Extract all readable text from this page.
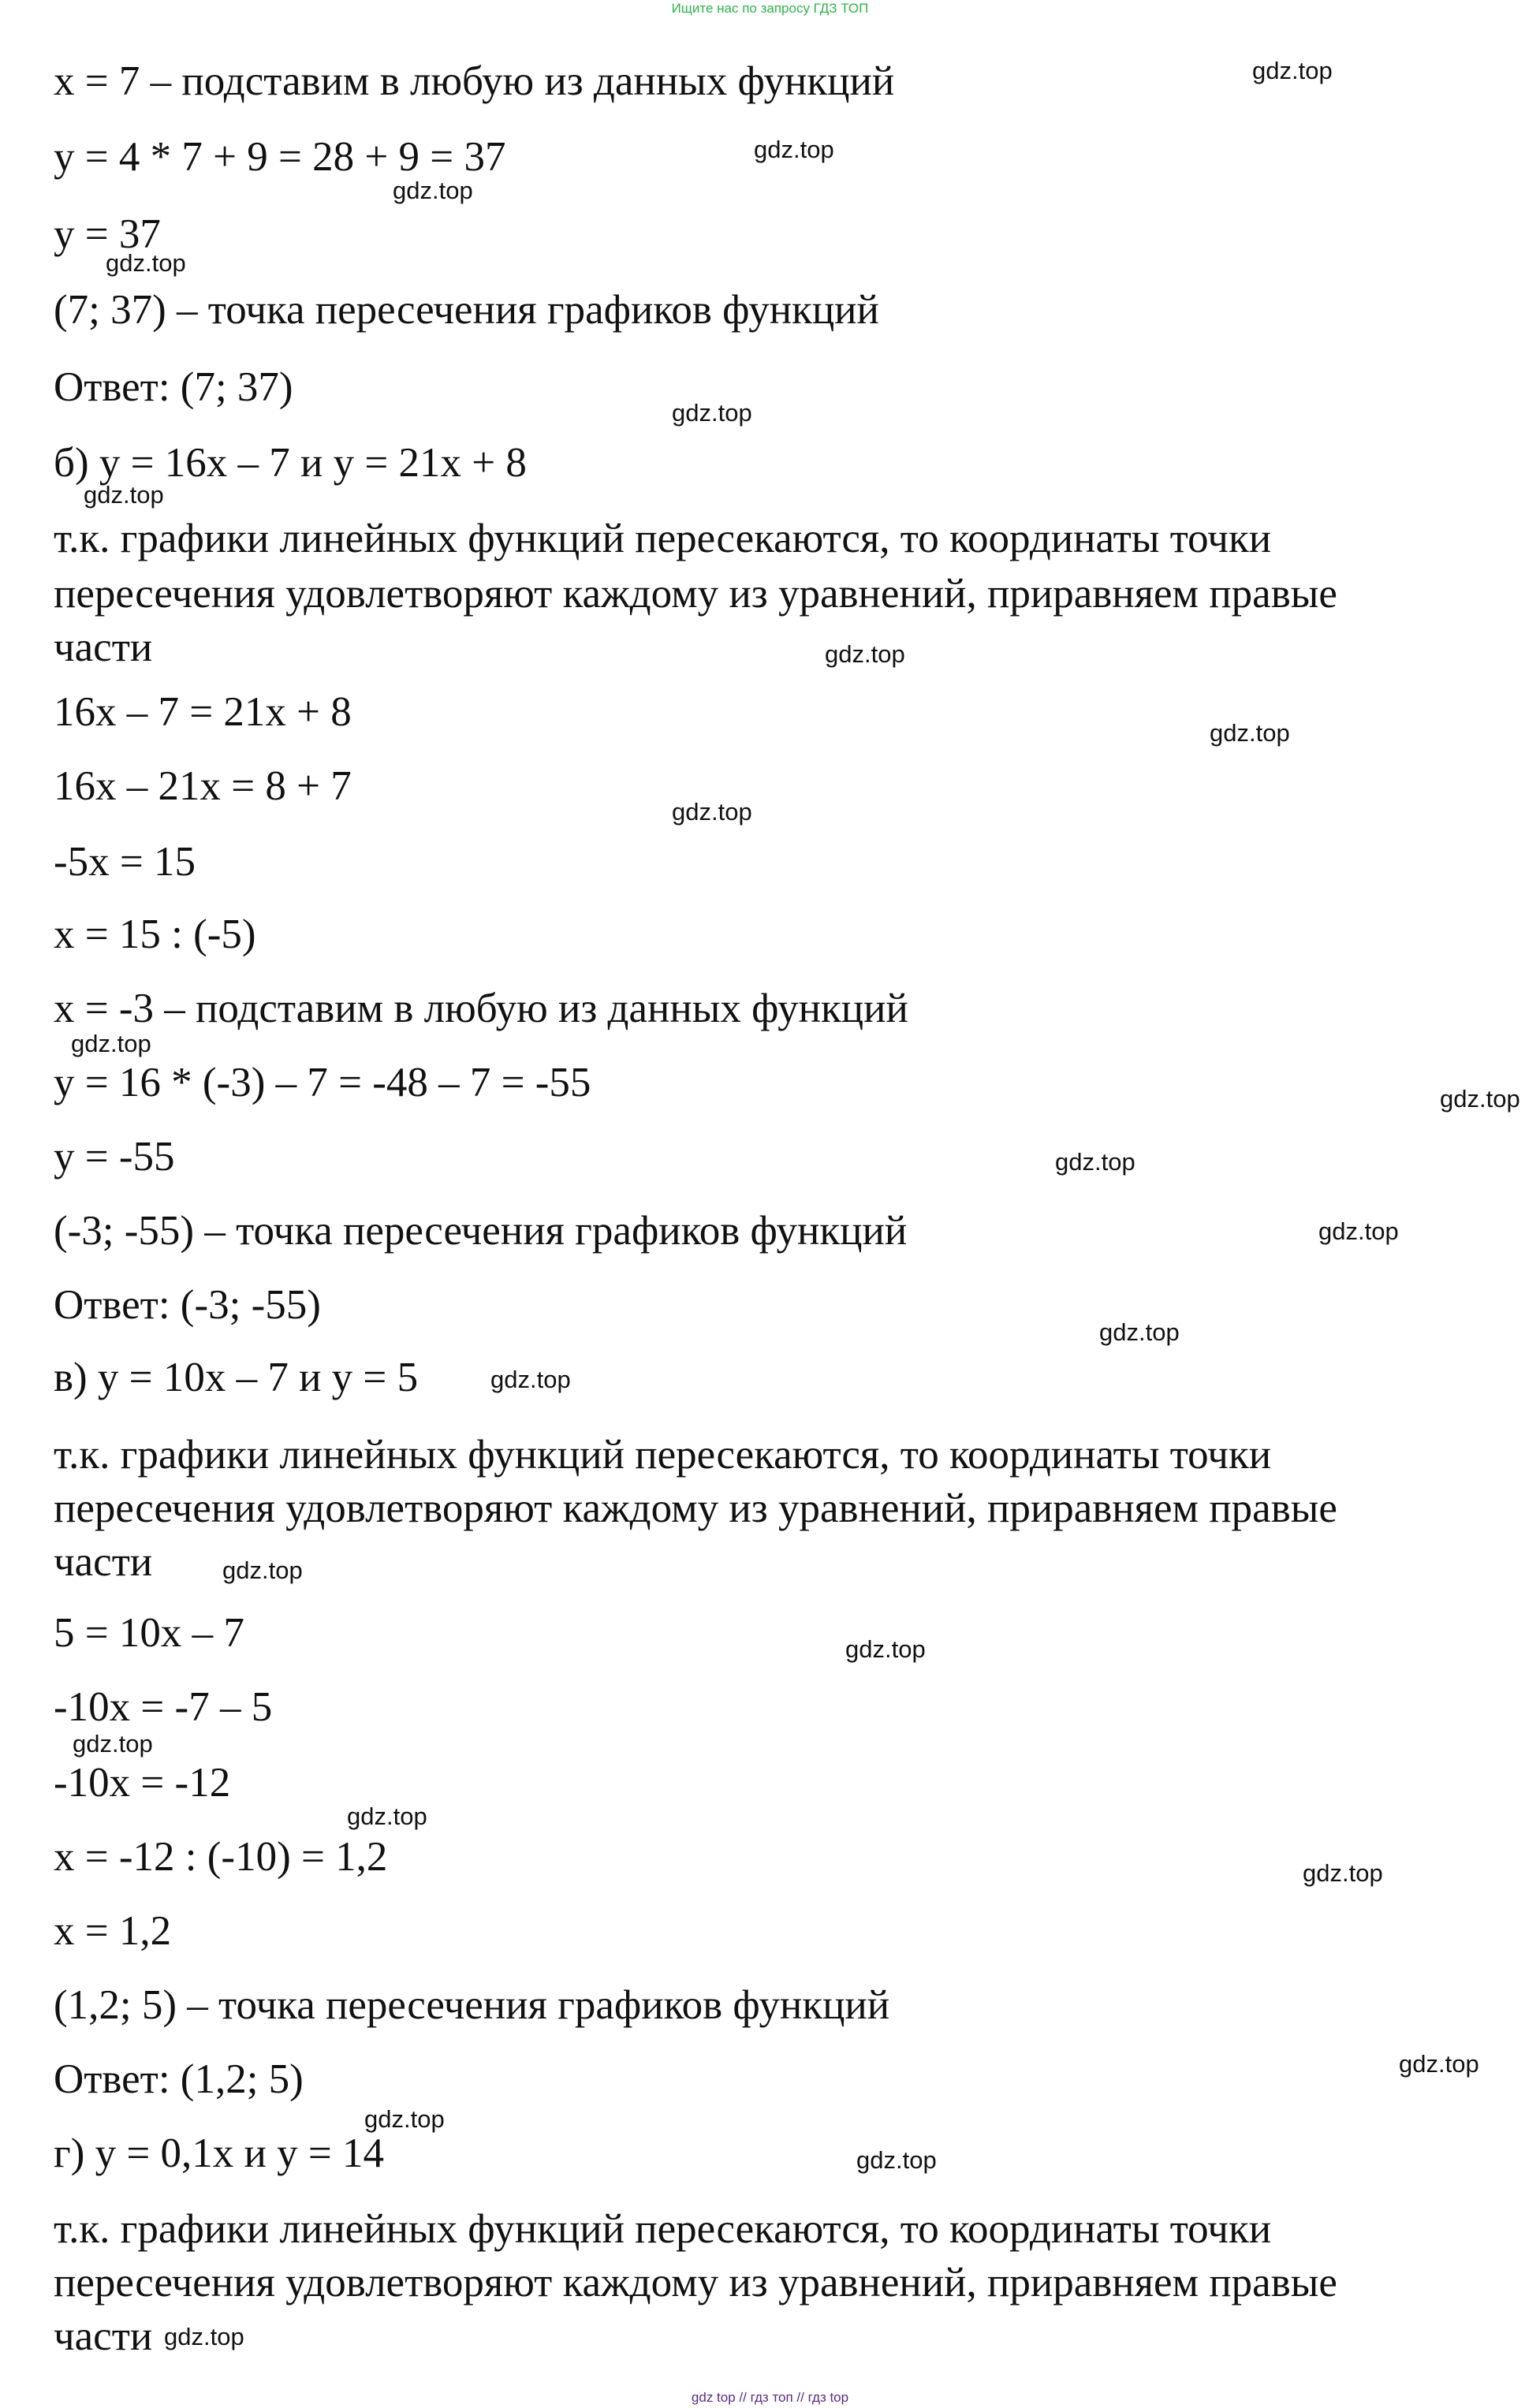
Ищите нас по запросу ГДЗ ТОП
x = 7 – подставим в любую из данных функций
y = 4 * 7 + 9 = 28 + 9 = 37
y = 37
(7; 37) – точка пересечения графиков функций
Ответ: (7; 37)
б) y = 16x – 7 и y = 21x + 8
т.к. графики линейных функций пересекаются, то координаты точки
пересечения удовлетворяют каждому из уравнений, приравняем правые
части
16x – 7 = 21x + 8
16x – 21x = 8 + 7
-5x = 15
x = 15 : (-5)
x = -3 – подставим в любую из данных функций
y = 16 * (-3) – 7 = -48 – 7 = -55
y = -55
(-3; -55) – точка пересечения графиков функций
Ответ: (-3; -55)
в) y = 10x – 7 и y = 5
т.к. графики линейных функций пересекаются, то координаты точки
пересечения удовлетворяют каждому из уравнений, приравняем правые
части
5 = 10x – 7
-10x = -7 – 5
-10x = -12
x = -12 : (-10) = 1,2
x = 1,2
(1,2; 5) – точка пересечения графиков функций
Ответ: (1,2; 5)
г) y = 0,1x и y = 14
т.к. графики линейных функций пересекаются, то координаты точки
пересечения удовлетворяют каждому из уравнений, приравняем правые
части
gdz.top
gdz.top
gdz.top
gdz.top
gdz.top
gdz.top
gdz.top
gdz.top
gdz.top
gdz.top
gdz.top
gdz.top
gdz.top
gdz.top
gdz.top
gdz.top
gdz.top
gdz.top
gdz.top
gdz.top
gdz.top
gdz.top
gdz.top
gdz.top
gdz top // гдз топ // гдз top
